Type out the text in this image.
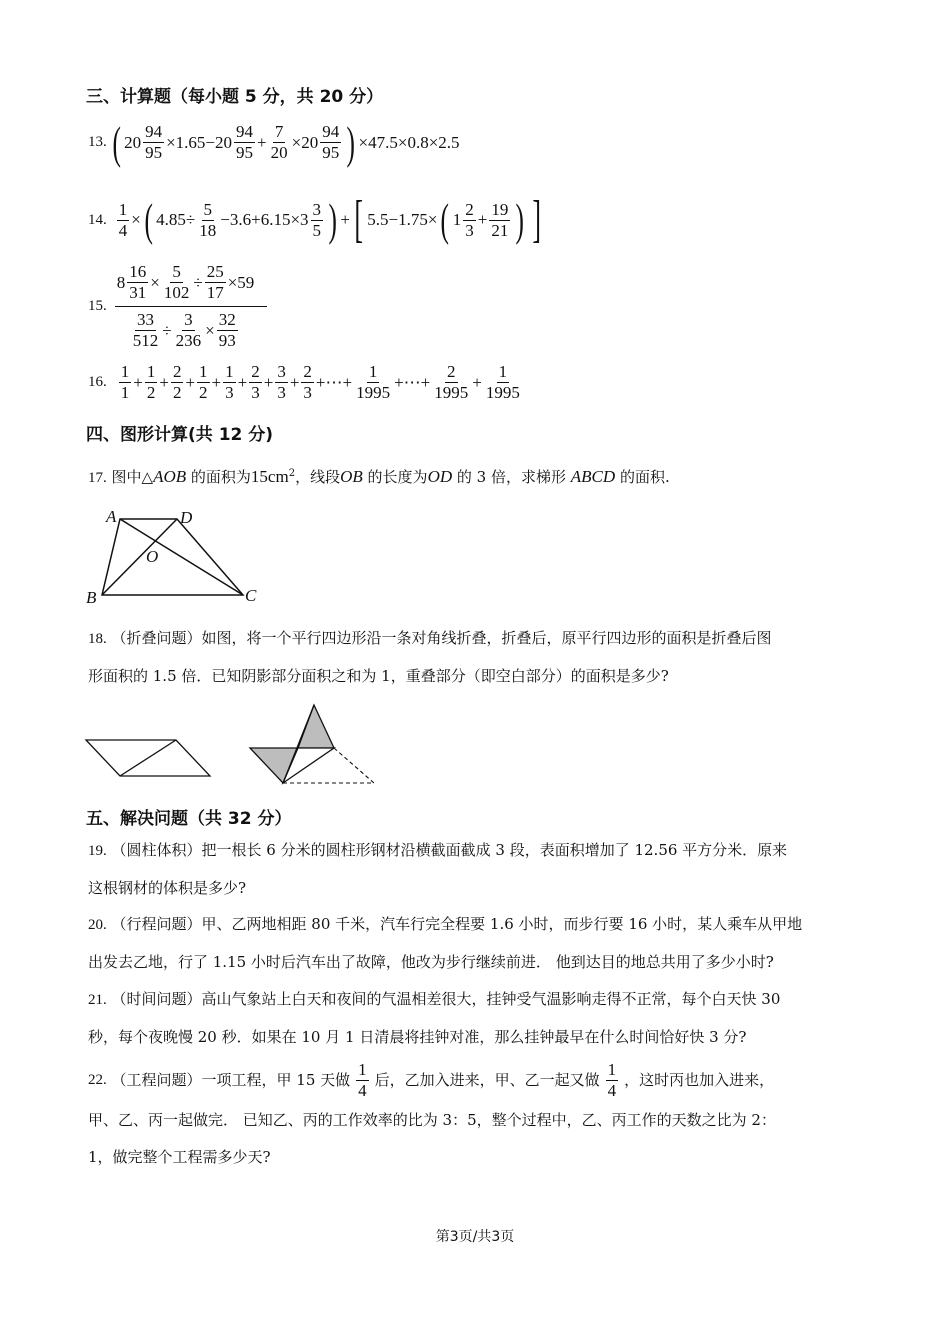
三、计算题（每小题 5 分，共 20 分）
13. ( $20 \frac{94}{95} \times 1.65-20 \frac{94}{95} + \frac{7}{20} \times 20 \frac{94}{95}$ ) ×47.5×0.8×2.5
14. $\frac{1}{4}$ × ( $4.85\div \frac{5}{18} -3.6+6.15\times 3 \frac{3}{5}$ ) + [ 5.5−1.75× ( $1 \frac{2}{3} + \frac{19}{21}$ ) ]
15.
$8 \frac{16}{31} \times \frac{5}{102} \div \frac{25}{17} \times 59$
$\frac{33}{512} \div \frac{3}{236} \times \frac{32}{93}$
16. $\frac{1}{1} + \frac{1}{2} + \frac{2}{2} + \frac{1}{2} + \frac{1}{3} + \frac{2}{3} + \frac{3}{3} + \frac{2}{3}$ +⋯+ $\frac{1}{1995}$ +⋯+ $\frac{2}{1995} + \frac{1}{1995}$
四、图形计算(共 12 分)
17. 图中△AOB 的面积为$15cm^2$，线段OB 的长度为OD 的 3 倍，求梯形 ABCD 的面积.
A	D
O
B	C
18. （折叠问题）如图，将一个平行四边形沿一条对角线折叠，折叠后，原平行四边形的面积是折叠后图
形面积的 1.5 倍．已知阴影部分面积之和为 1，重叠部分（即空白部分）的面积是多少?
五、解决问题（共 32 分）
19. （圆柱体积）把一根长 6 分米的圆柱形钢材沿横截面截成 3 段，表面积增加了 12.56 平方分米．原来
这根钢材的体积是多少?
20. （行程问题）甲、乙两地相距 80 千米，汽车行完全程要 1.6 小时，而步行要 16 小时，某人乘车从甲地
出发去乙地，行了 1.15 小时后汽车出了故障，他改为步行继续前进． 他到达目的地总共用了多少小时?
21. （时间问题）高山气象站上白天和夜间的气温相差很大，挂钟受气温影响走得不正常，每个白天快 30
秒，每个夜晚慢 20 秒．如果在 10 月 1 日清晨将挂钟对准，那么挂钟最早在什么时间恰好快 3 分?
22.
（工程问题）一项工程，甲 15 天做 $\frac{1}{4}$ 后，乙加入进来，甲、乙一起又做 $\frac{1}{4}$ ，这时丙也加入进来，
甲、乙、丙一起做完． 已知乙、丙的工作效率的比为 3：5，整个过程中，乙、丙工作的天数之比为 2：
1，做完整个工程需多少天?
第3页/共3页
